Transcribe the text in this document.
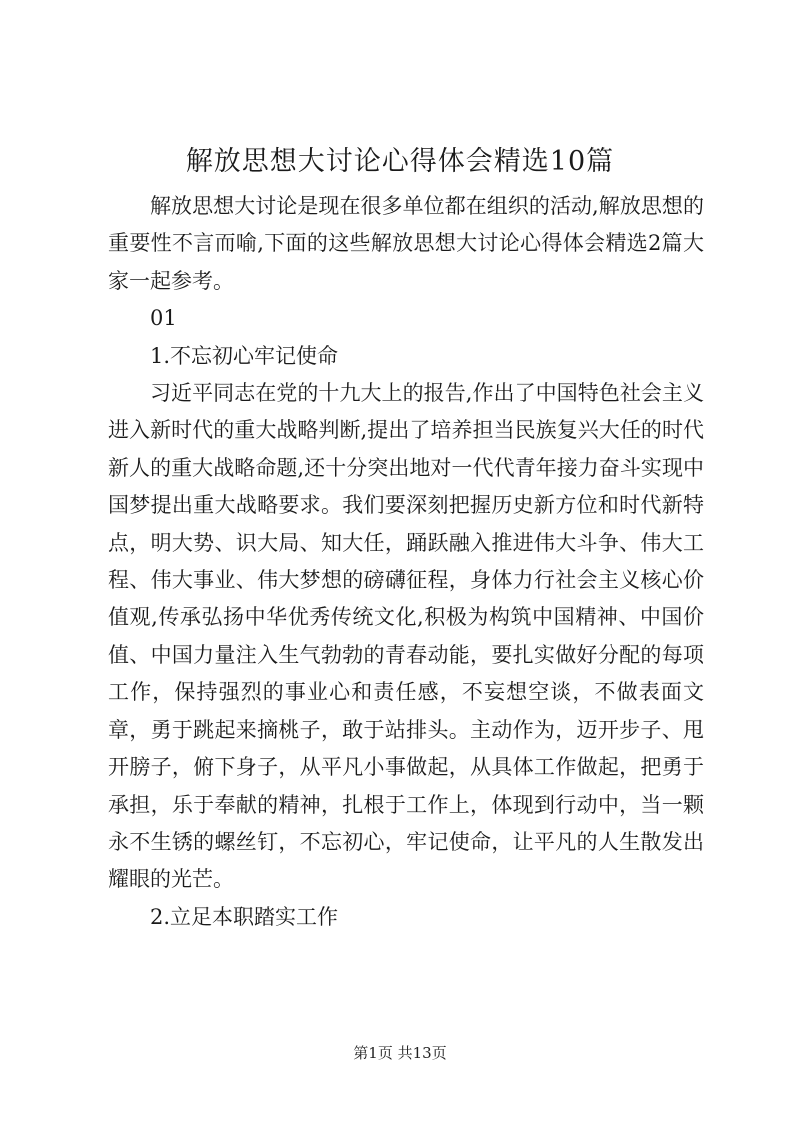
解放思想大讨论心得体会精选10篇

解放思想大讨论是现在很多单位都在组织的活动,解放思想的重要性不言而喻,下面的这些解放思想大讨论心得体会精选2篇大家一起参考。

01

1.不忘初心牢记使命

习近平同志在党的十九大上的报告,作出了中国特色社会主义进入新时代的重大战略判断,提出了培养担当民族复兴大任的时代新人的重大战略命题,还十分突出地对一代代青年接力奋斗实现中国梦提出重大战略要求。我们要深刻把握历史新方位和时代新特点，明大势、识大局、知大任，踊跃融入推进伟大斗争、伟大工程、伟大事业、伟大梦想的磅礴征程，身体力行社会主义核心价值观,传承弘扬中华优秀传统文化,积极为构筑中国精神、中国价值、中国力量注入生气勃勃的青春动能，要扎实做好分配的每项工作，保持强烈的事业心和责任感，不妄想空谈，不做表面文章，勇于跳起来摘桃子，敢于站排头。主动作为，迈开步子、甩开膀子，俯下身子，从平凡小事做起，从具体工作做起，把勇于承担，乐于奉献的精神，扎根于工作上，体现到行动中，当一颗永不生锈的螺丝钉，不忘初心，牢记使命，让平凡的人生散发出耀眼的光芒。

2.立足本职踏实工作

第1页 共13页
